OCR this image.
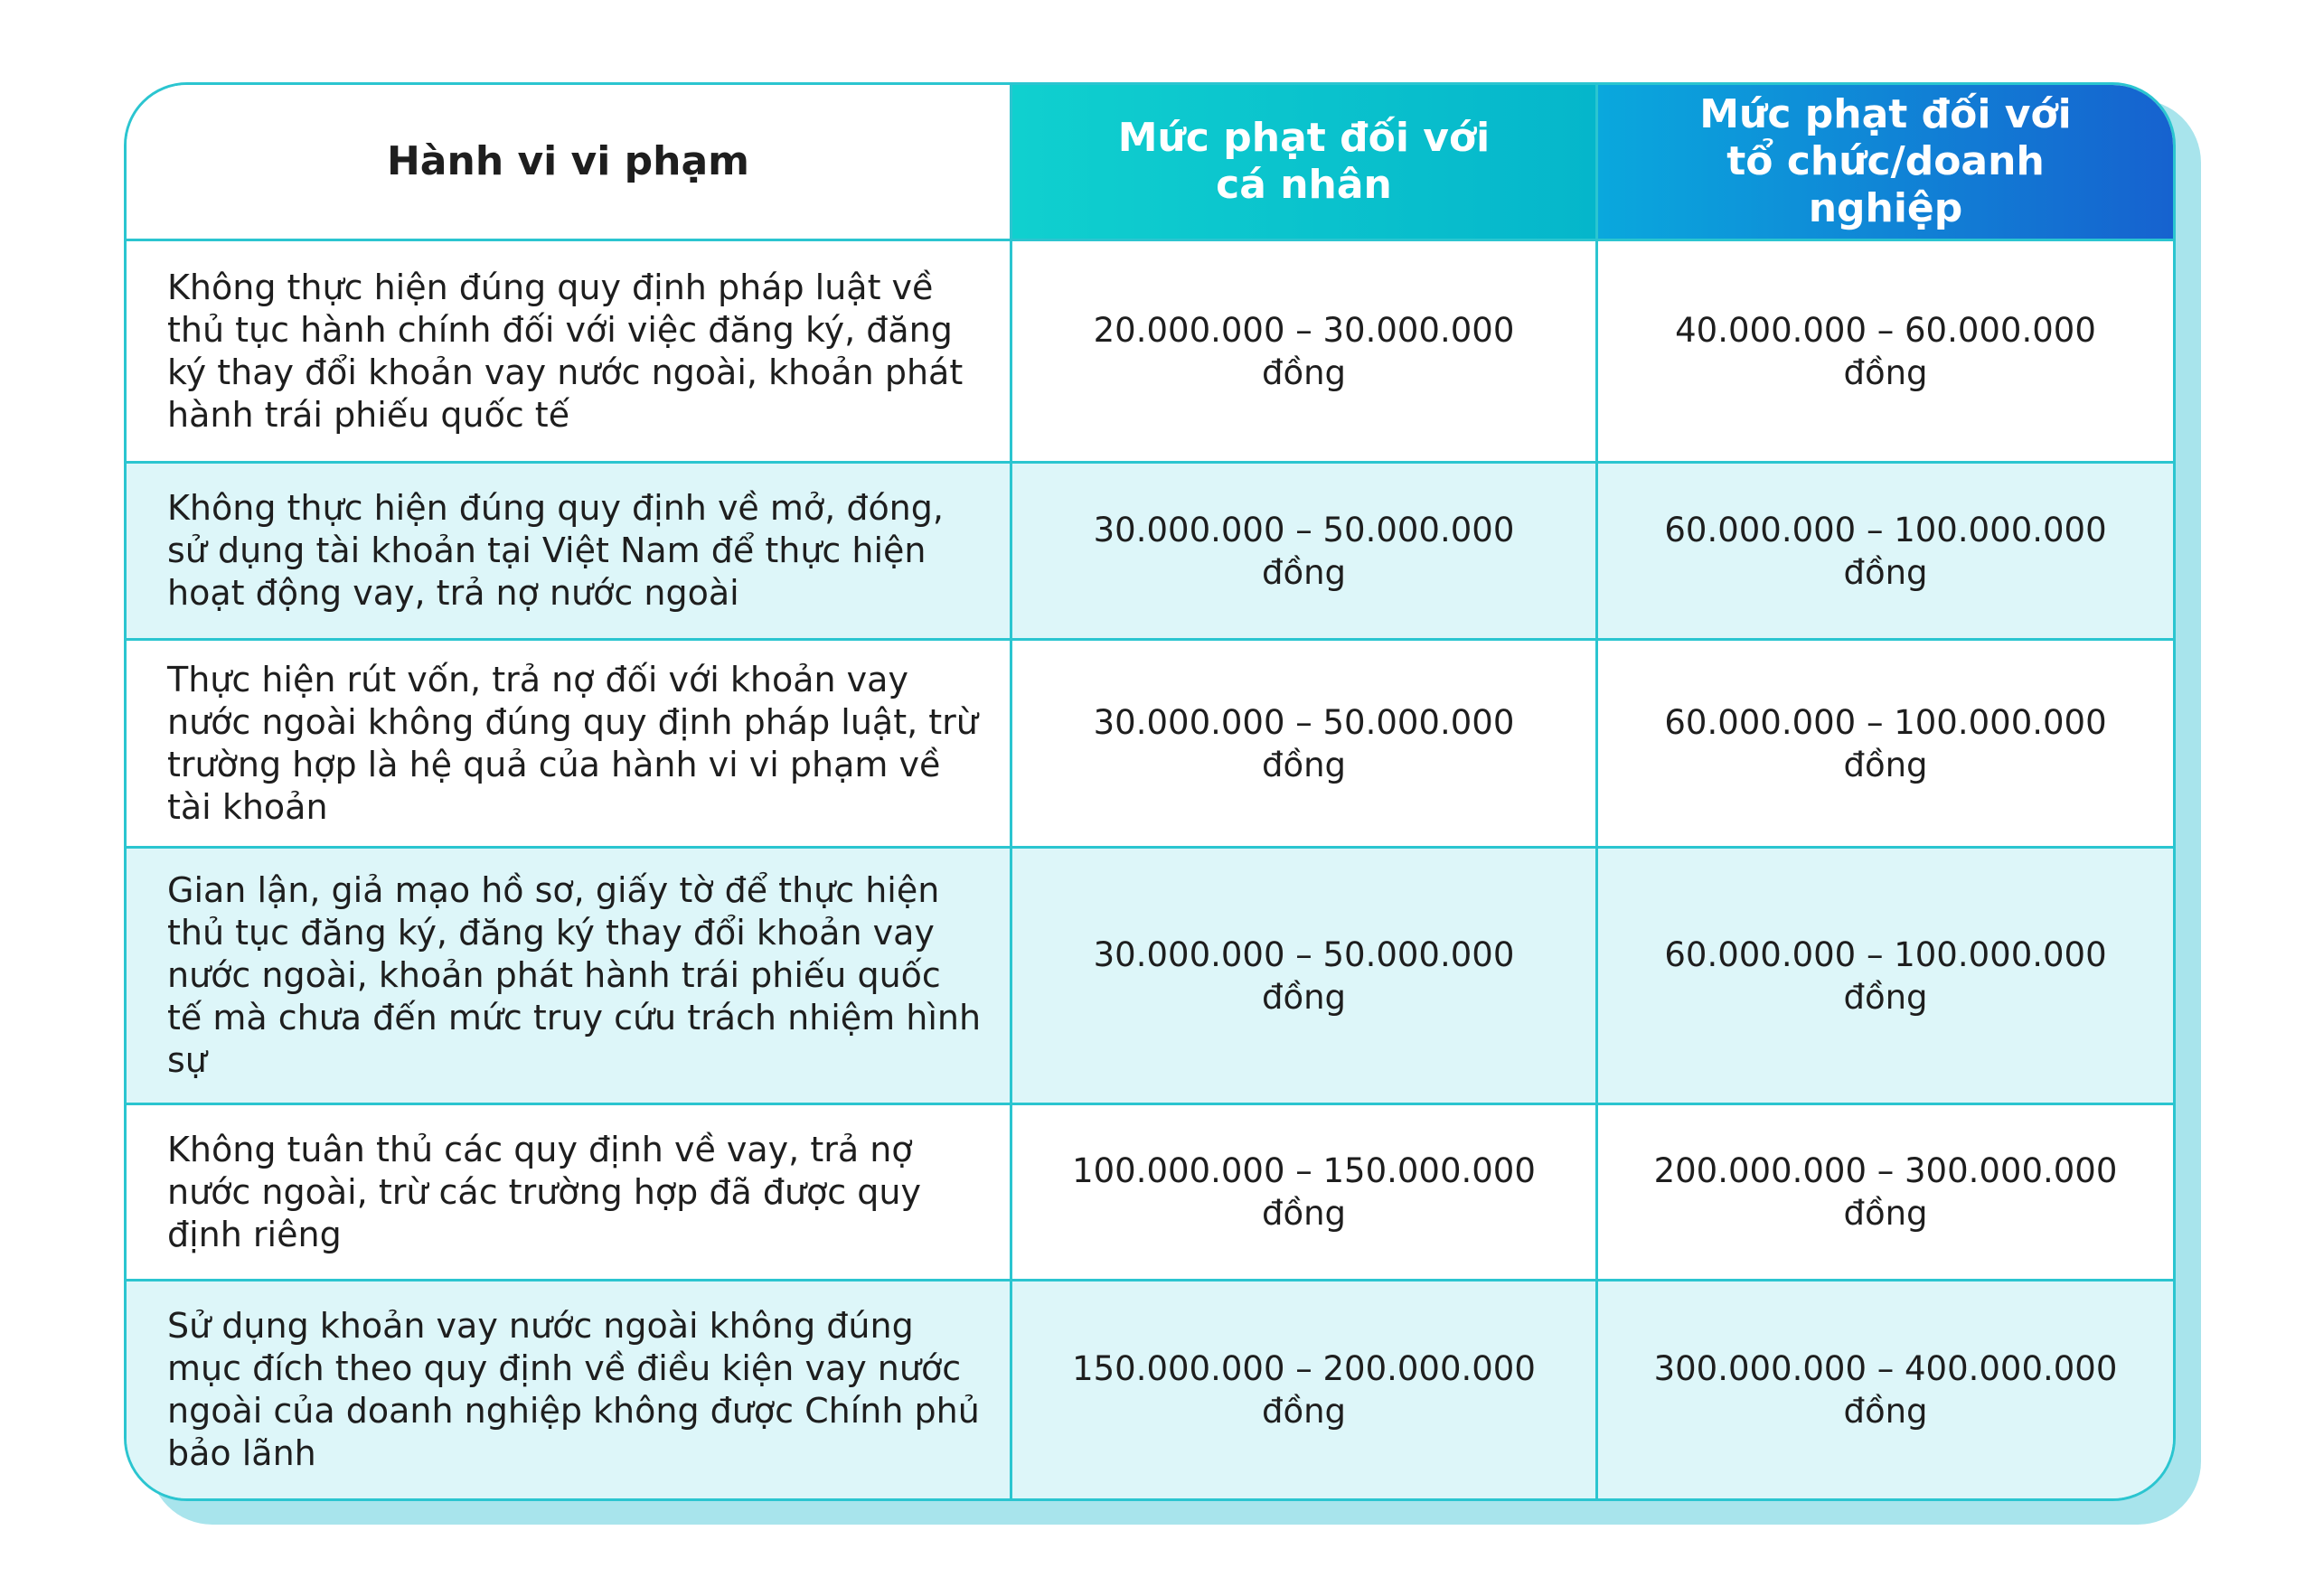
Hành vi vi phạm
Mức phạt đối với cá nhân
Mức phạt đối với tổ chức/doanh nghiệp
Không thực hiện đúng quy định pháp luật về thủ tục hành chính đối với việc đăng ký, đăng ký thay đổi khoản vay nước ngoài, khoản phát hành trái phiếu quốc tế
20.000.000 – 30.000.000
đồng
40.000.000 – 60.000.000
đồng
Không thực hiện đúng quy định về mở, đóng, sử dụng tài khoản tại Việt Nam để thực hiện hoạt động vay, trả nợ nước ngoài
30.000.000 – 50.000.000
đồng
60.000.000 – 100.000.000
đồng
Thực hiện rút vốn, trả nợ đối với khoản vay nước ngoài không đúng quy định pháp luật, trừ trường hợp là hệ quả của hành vi vi phạm về tài khoản
30.000.000 – 50.000.000
đồng
60.000.000 – 100.000.000
đồng
Gian lận, giả mạo hồ sơ, giấy tờ để thực hiện thủ tục đăng ký, đăng ký thay đổi khoản vay nước ngoài, khoản phát hành trái phiếu quốc tế mà chưa đến mức truy cứu trách nhiệm hình sự
30.000.000 – 50.000.000
đồng
60.000.000 – 100.000.000
đồng
Không tuân thủ các quy định về vay, trả nợ nước ngoài, trừ các trường hợp đã được quy định riêng
100.000.000 – 150.000.000
đồng
200.000.000 – 300.000.000
đồng
Sử dụng khoản vay nước ngoài không đúng mục đích theo quy định về điều kiện vay nước ngoài của doanh nghiệp không được Chính phủ bảo lãnh
150.000.000 – 200.000.000
đồng
300.000.000 – 400.000.000
đồng
